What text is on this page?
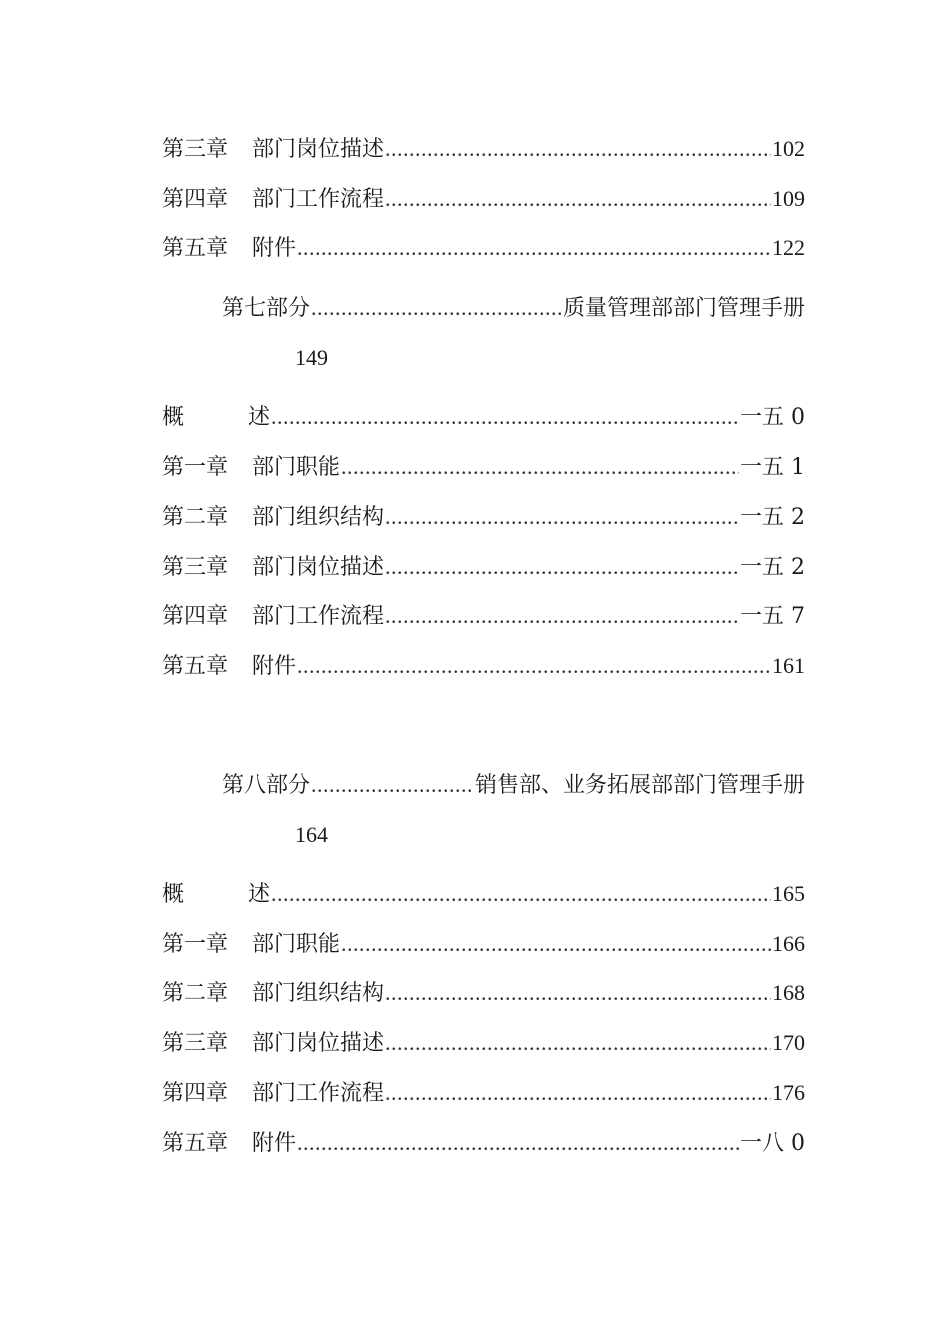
第三章 部门岗位描述 .....	102
第四章 部门工作流程 .....	109
第五章 附件 .....	122
第七部分 .....	质量管理部部门管理手册
149
概	述 .....	一五 0
第一章 部门职能 .....	一五 1
第二章 部门组织结构 .....	一五 2
第三章 部门岗位描述 .....	一五 2
第四章 部门工作流程 .....	一五 7
第五章 附件 .....	161
第八部分 .....	销售部、业务拓展部部门管理手册
164
概	述 .....	165
第一章 部门职能 .....	166
第二章 部门组织结构 .....	168
第三章 部门岗位描述 .....	170
第四章 部门工作流程 .....	176
第五章 附件 .....	一八 0
